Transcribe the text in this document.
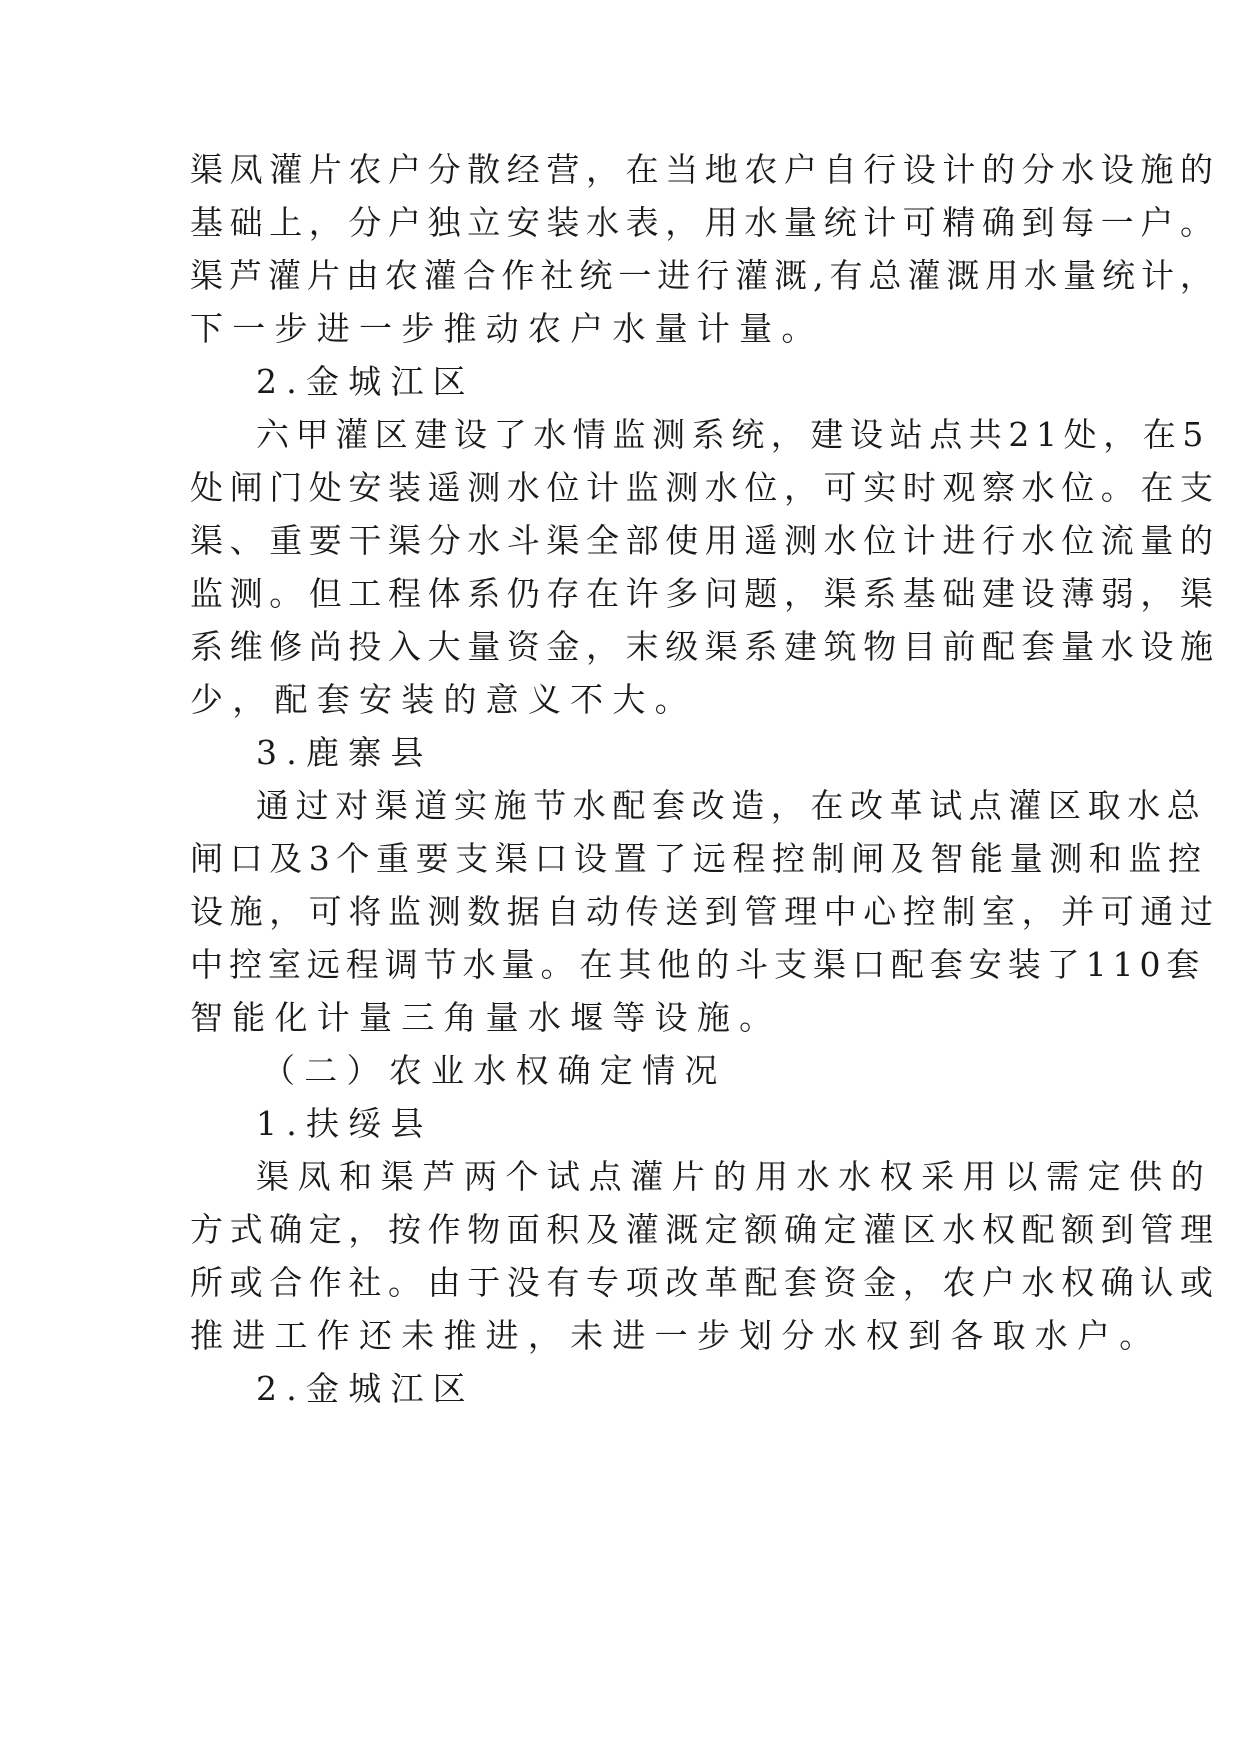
渠凤灌片农户分散经营，在当地农户自行设计的分水设施的
基础上，分户独立安装水表，用水量统计可精确到每一户。
渠芦灌片由农灌合作社统一进行灌溉,有总灌溉用水量统计，
下一步进一步推动农户水量计量。
2.金城江区
六甲灌区建设了水情监测系统，建设站点共21处，在5
处闸门处安装遥测水位计监测水位，可实时观察水位。在支
渠、重要干渠分水斗渠全部使用遥测水位计进行水位流量的
监测。但工程体系仍存在许多问题，渠系基础建设薄弱，渠
系维修尚投入大量资金，末级渠系建筑物目前配套量水设施
少，配套安装的意义不大。
3.鹿寨县
通过对渠道实施节水配套改造，在改革试点灌区取水总
闸口及3个重要支渠口设置了远程控制闸及智能量测和监控
设施，可将监测数据自动传送到管理中心控制室，并可通过
中控室远程调节水量。在其他的斗支渠口配套安装了110套
智能化计量三角量水堰等设施。
（二）农业水权确定情况
1.扶绥县
渠凤和渠芦两个试点灌片的用水水权采用以需定供的
方式确定，按作物面积及灌溉定额确定灌区水权配额到管理
所或合作社。由于没有专项改革配套资金，农户水权确认或
推进工作还未推进，未进一步划分水权到各取水户。
2.金城江区
